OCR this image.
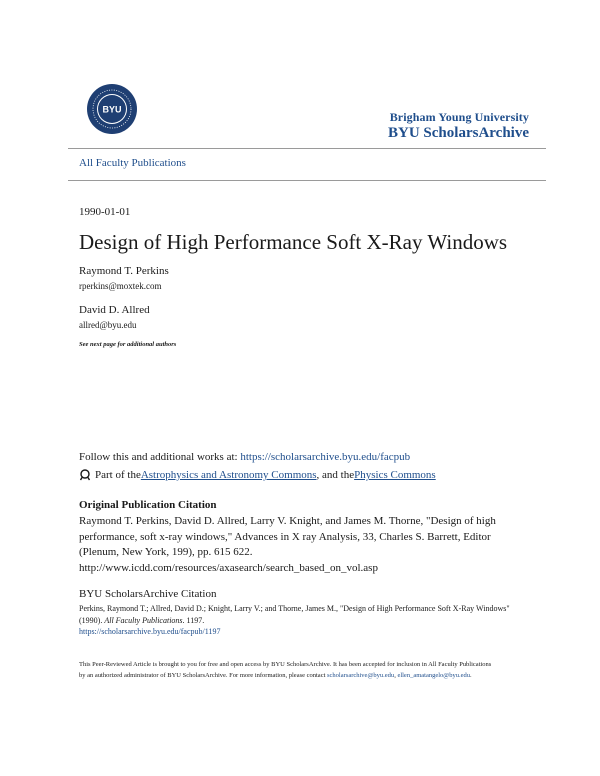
BYU
Brigham Young University
BYU ScholarsArchive
All Faculty Publications
1990-01-01
Design of High Performance Soft X-Ray Windows
Raymond T. Perkins
rperkins@moxtek.com
David D. Allred
allred@byu.edu
See next page for additional authors
Follow this and additional works at: https://scholarsarchive.byu.edu/facpub
Part of the Astrophysics and Astronomy Commons , and the Physics Commons
Original Publication Citation
Raymond T. Perkins, David D. Allred, Larry V. Knight, and James M. Thorne, "Design of high performance, soft x-ray windows," Advances in X ray Analysis, 33, Charles S. Barrett, Editor (Plenum, New York, 199), pp. 615 622. http://www.icdd.com/resources/axasearch/search_based_on_vol.asp
BYU ScholarsArchive Citation
Perkins, Raymond T.; Allred, David D.; Knight, Larry V.; and Thorne, James M., "Design of High Performance Soft X-Ray Windows" (1990). All Faculty Publications. 1197.
https://scholarsarchive.byu.edu/facpub/1197
This Peer-Reviewed Article is brought to you for free and open access by BYU ScholarsArchive. It has been accepted for inclusion in All Faculty Publications by an authorized administrator of BYU ScholarsArchive. For more information, please contact scholarsarchive@byu.edu, ellen_amatangelo@byu.edu.
